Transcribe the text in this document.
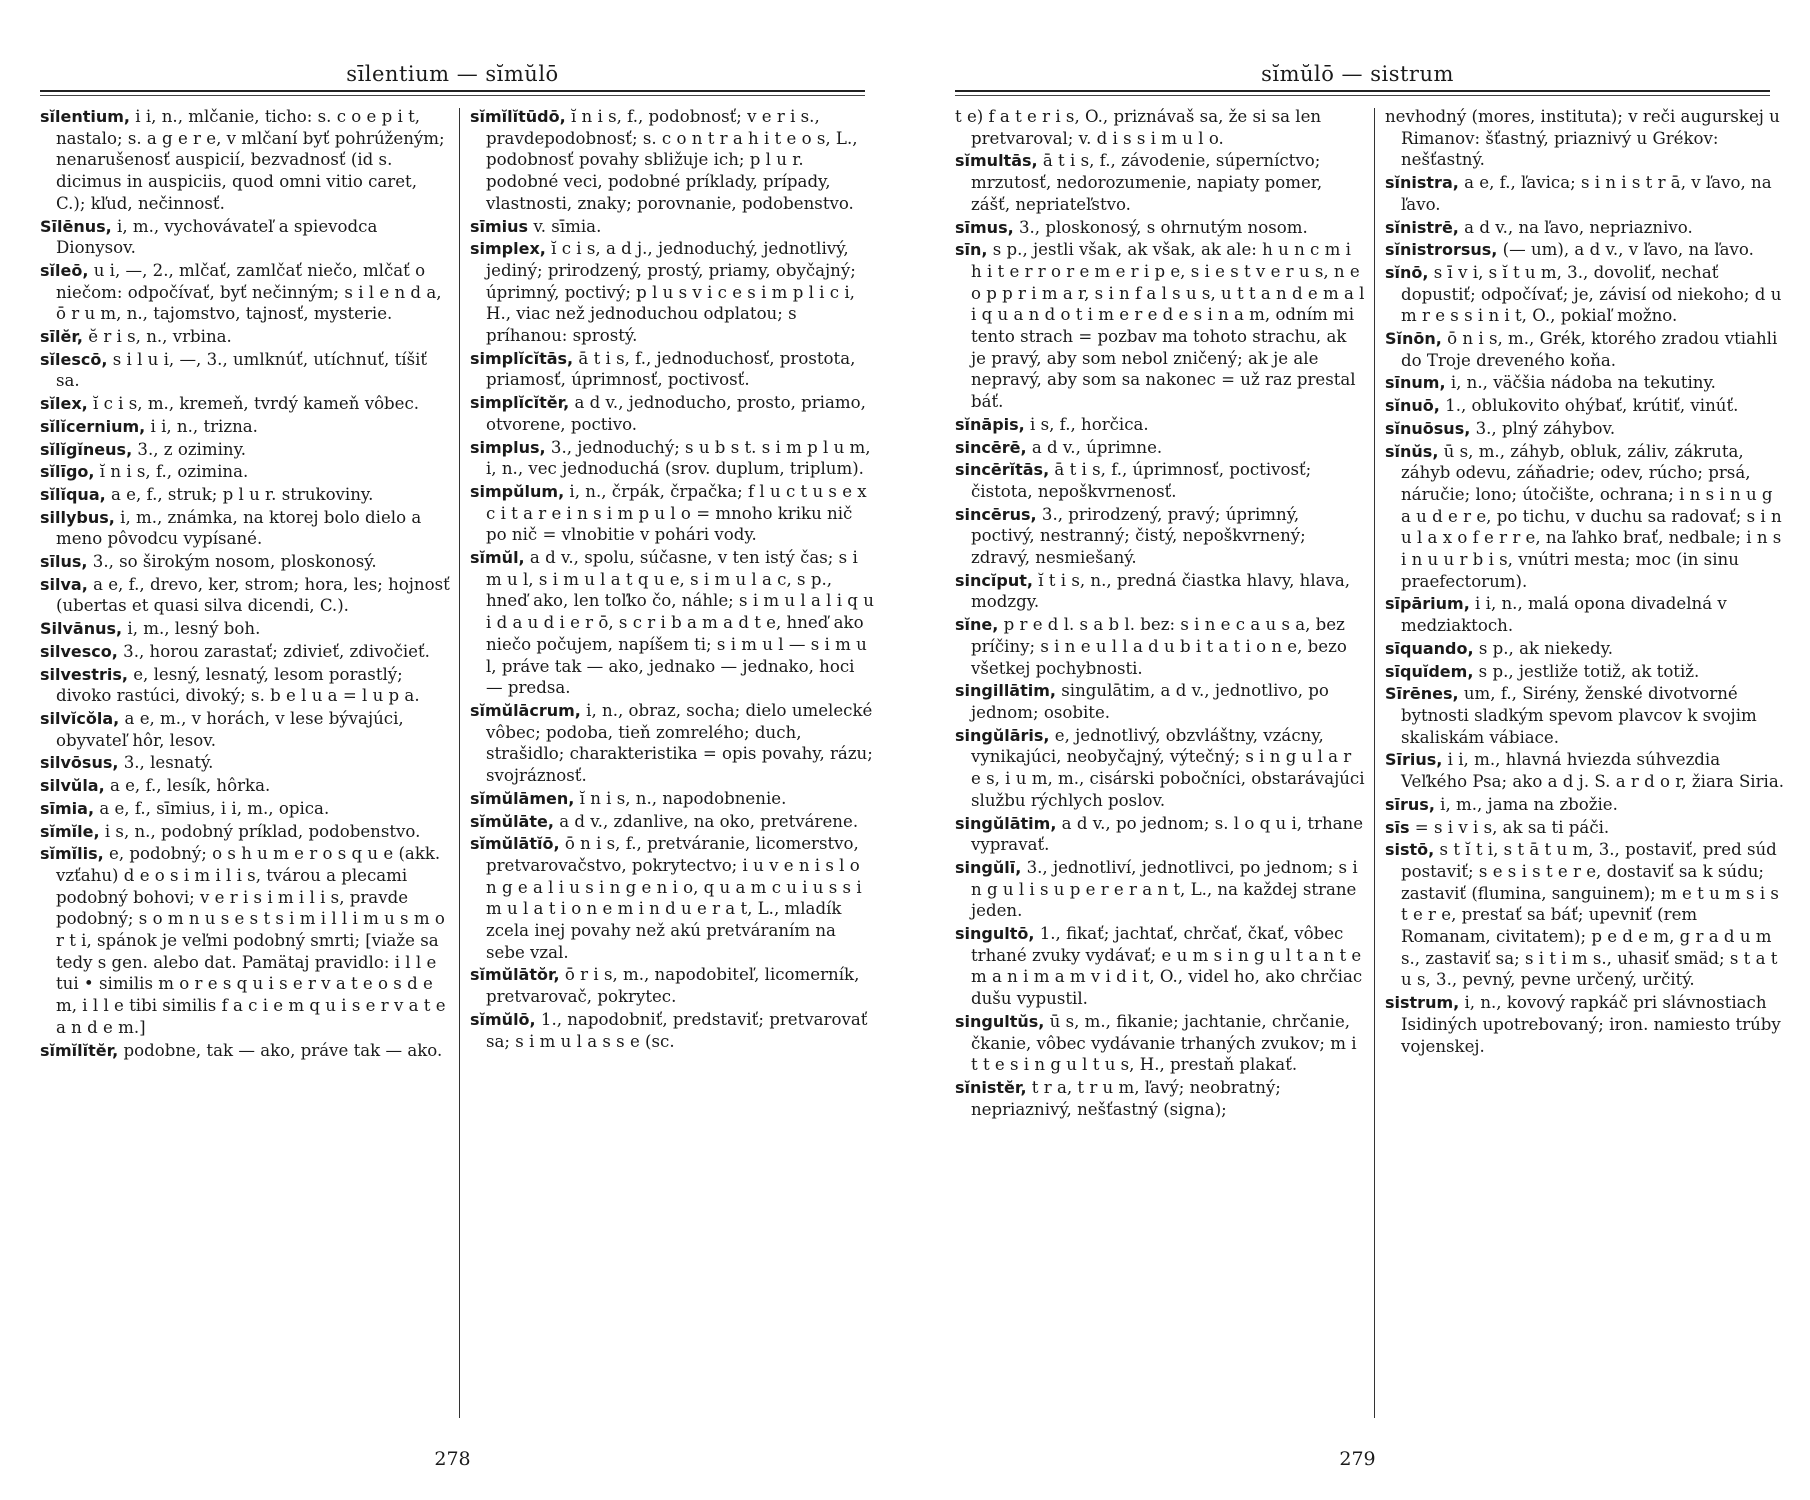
sīlentium — sĭmŭlō

sĭlentium, i i, n., mlčanie, ticho: s. c o e p i t, nastalo; s. a g e r e, v mlčaní byť pohrúženým; nenarušenosť auspicií, bezvadnosť (id s. dicimus in auspiciis, quod omni vitio caret, C.); kľud, nečinnosť.

Sīlēnus, i, m., vychovávateľ a spievodca Dionysov.

sĭleō, u i, —, 2., mlčať, zamlčať niečo, mlčať o niečom: odpočívať, byť nečinným; s i l e n d a, ō r u m, n., tajomstvo, tajnosť, mysterie.

sīlĕr, ĕ r i s, n., vrbina.

sĭlescō, s i l u i, —, 3., umlknúť, utíchnuť, tíšiť sa.

sĭlex, ĭ c i s, m., kremeň, tvrdý kameň vôbec.

sĭlĭcernium, i i, n., trizna.

sĭlĭgĭneus, 3., z oziminy.

sĭlīgo, ĭ n i s, f., ozimina.

sĭlĭqua, a e, f., struk; p l u r. strukoviny.

sillybus, i, m., známka, na ktorej bolo dielo a meno pôvodcu vypísané.

sīlus, 3., so širokým nosom, ploskonosý.

silva, a e, f., drevo, ker, strom; hora, les; hojnosť (ubertas et quasi silva dicendi, C.).

Silvānus, i, m., lesný boh.

silvesco, 3., horou zarastať; zdivieť, zdivočieť.

silvestris, e, lesný, lesnatý, lesom porastlý; divoko rastúci, divoký; s. b e l u a = l u p a.

silvĭcŏla, a e, m., v horách, v lese bývajúci, obyvateľ hôr, lesov.

silvōsus, 3., lesnatý.

silvŭla, a e, f., lesík, hôrka.

sīmia, a e, f., sīmius, i i, m., opica.

sĭmĭle, i s, n., podobný príklad, podobenstvo.

sĭmĭlis, e, podobný; o s h u m e r o s q u e (akk. vzťahu) d e o s i m i l i s, tvárou a plecami podobný bohovi; v e r i s i m i l i s, pravde podobný; s o m n u s e s t s i m i l l i m u s m o r t i, spánok je veľmi podobný smrti; [viaže sa tedy s gen. alebo dat. Pamätaj pravidlo: i l l e tui • similis m o r e s q u i s e r v a t e o s d e m, i l l e tibi similis f a c i e m q u i s e r v a t e a n d e m.]

sĭmĭlĭtĕr, podobne, tak — ako, práve tak — ako.

sĭmĭlĭtūdō, ĭ n i s, f., podobnosť; v e r i s., pravdepodobnosť; s. c o n t r a h i t e o s, L., podobnosť povahy sbližuje ich; p l u r. podobné veci, podobné príklady, prípady, vlastnosti, znaky; porovnanie, podobenstvo.

sīmius v. sīmia.

simplex, ĭ c i s, a d j., jednoduchý, jednotlivý, jediný; prirodzený, prostý, priamy, obyčajný; úprimný, poctivý; p l u s v i c e s i m p l i c i, H., viac než jednoduchou odplatou; s príhanou: sprostý.

simplĭcĭtās, ā t i s, f., jednoduchosť, prostota, priamosť, úprimnosť, poctivosť.

simplĭcĭtĕr, a d v., jednoducho, prosto, priamo, otvorene, poctivo.

simplus, 3., jednoduchý; s u b s t. s i m p l u m, i, n., vec jednoduchá (srov. duplum, triplum).

simpŭlum, i, n., črpák, črpačka; f l u c t u s e x c i t a r e i n s i m p u l o = mnoho kriku nič po nič = vlnobitie v pohári vody.

sĭmŭl, a d v., spolu, súčasne, v ten istý čas; s i m u l, s i m u l a t q u e, s i m u l a c, s p., hneď ako, len toľko čo, náhle; s i m u l a l i q u i d a u d i e r ō, s c r i b a m a d t e, hneď ako niečo počujem, napíšem ti; s i m u l — s i m u l, práve tak — ako, jednako — jednako, hoci — predsa.

sĭmŭlācrum, i, n., obraz, socha; dielo umelecké vôbec; podoba, tieň zomrelého; duch, strašidlo; charakteristika = opis povahy, rázu; svojráznosť.

sĭmŭlāmen, ĭ n i s, n., napodobnenie.

sĭmŭlāte, a d v., zdanlive, na oko, pretvárene.

sĭmŭlātĭō, ō n i s, f., pretváranie, licomerstvo, pretvarovačstvo, pokrytectvo; i u v e n i s l o n g e a l i u s i n g e n i o, q u a m c u i u s s i m u l a t i o n e m i n d u e r a t, L., mladík zcela inej povahy než akú pretváraním na sebe vzal.

sĭmŭlātŏr, ō r i s, m., napodobiteľ, licomerník, pretvarovač, pokrytec.

sĭmŭlō, 1., napodobniť, predstaviť; pretvarovať sa; s i m u l a s s e (sc.

278
sĭmŭlō — sistrum

t e) f a t e r i s, O., priznávaš sa, že si sa len pretvaroval; v. d i s s i m u l o.

sĭmultās, ā t i s, f., závodenie, súperníctvo; mrzutosť, nedorozumenie, napiaty pomer, zášť, nepriateľstvo.

sīmus, 3., ploskonosý, s ohrnutým nosom.

sīn, s p., jestli však, ak však, ak ale: h u n c m i h i t e r r o r e m e r i p e, s i e s t v e r u s, n e o p p r i m a r, s i n f a l s u s, u t t a n d e m a l i q u a n d o t i m e r e d e s i n a m, odním mi tento strach = pozbav ma tohoto strachu, ak je pravý, aby som nebol zničený; ak je ale nepravý, aby som sa nakonec = už raz prestal báť.

sĭnāpis, i s, f., horčica.

sincērē, a d v., úprimne.

sincērĭtās, ā t i s, f., úprimnosť, poctivosť; čistota, nepoškvrnenosť.

sincērus, 3., prirodzený, pravý; úprimný, poctivý, nestranný; čistý, nepoškvrnený; zdravý, nesmiešaný.

sincĭput, ĭ t i s, n., predná čiastka hlavy, hlava, modzgy.

sĭne, p r e d l. s a b l. bez: s i n e c a u s a, bez príčiny; s i n e u l l a d u b i t a t i o n e, bezo všetkej pochybnosti.

singillātim, singulātim, a d v., jednotlivo, po jednom; osobite.

singŭlāris, e, jednotlivý, obzvláštny, vzácny, vynikajúci, neobyčajný, výtečný; s i n g u l a r e s, i u m, m., cisárski pobočníci, obstarávajúci službu rýchlych poslov.

singŭlātim, a d v., po jednom; s. l o q u i, trhane vypravať.

singŭlī, 3., jednotliví, jednotlivci, po jednom; s i n g u l i s u p e r e r a n t, L., na každej strane jeden.

singultō, 1., fikať; jachtať, chrčať, čkať, vôbec trhané zvuky vydávať; e u m s i n g u l t a n t e m a n i m a m v i d i t, O., videl ho, ako chrčiac dušu vypustil.

singultŭs, ū s, m., fikanie; jachtanie, chrčanie, čkanie, vôbec vydávanie trhaných zvukov; m i t t e s i n g u l t u s, H., prestaň plakať.

sĭnistĕr, t r a, t r u m, ľavý; neobratný; nepriaznivý, nešťastný (signa);

nevhodný (mores, instituta); v reči augurskej u Rimanov: šťastný, priaznivý u Grékov: nešťastný.

sĭnistra, a e, f., ľavica; s i n i s t r ā, v ľavo, na ľavo.

sĭnistrē, a d v., na ľavo, nepriaznivo.

sĭnistrorsus, (— um), a d v., v ľavo, na ľavo.

sĭnō, s ī v i, s ĭ t u m, 3., dovoliť, nechať dopustiť; odpočívať; je, závisí od niekoho; d u m r e s s i n i t, O., pokiaľ možno.

Sĭnōn, ō n i s, m., Grék, ktorého zradou vtiahli do Troje dreveného koňa.

sīnum, i, n., väčšia nádoba na tekutiny.

sĭnuō, 1., oblukovito ohýbať, krútiť, vinúť.

sĭnuōsus, 3., plný záhybov.

sĭnŭs, ū s, m., záhyb, obluk, záliv, zákruta, záhyb odevu, záňadrie; odev, rúcho; prsá, náručie; lono; útočište, ochrana; i n s i n u g a u d e r e, po tichu, v duchu sa radovať; s i n u l a x o f e r r e, na ľahko brať, nedbale; i n s i n u u r b i s, vnútri mesta; moc (in sinu praefectorum).

sīpārium, i i, n., malá opona divadelná v medziaktoch.

sīquando, s p., ak niekedy.

sīquĭdem, s p., jestliže totiž, ak totiž.

Sīrēnes, um, f., Sirény, ženské divotvorné bytnosti sladkým spevom plavcov k svojim skaliskám vábiace.

Sīrius, i i, m., hlavná hviezda súhvezdia Veľkého Psa; ako a d j. S. a r d o r, žiara Siria.

sīrus, i, m., jama na zbožie.

sīs = s i v i s, ak sa ti páči.

sistō, s t ĭ t i, s t ā t u m, 3., postaviť, pred súd postaviť; s e s i s t e r e, dostaviť sa k súdu; zastaviť (flumina, sanguinem); m e t u m s i s t e r e, prestať sa báť; upevniť (rem Romanam, civitatem); p e d e m, g r a d u m s., zastaviť sa; s i t i m s., uhasiť smäd; s t a t u s, 3., pevný, pevne určený, určitý.

sistrum, i, n., kovový rapkáč pri slávnostiach Isidiných upotrebovaný; iron. namiesto trúby vojenskej.

279
